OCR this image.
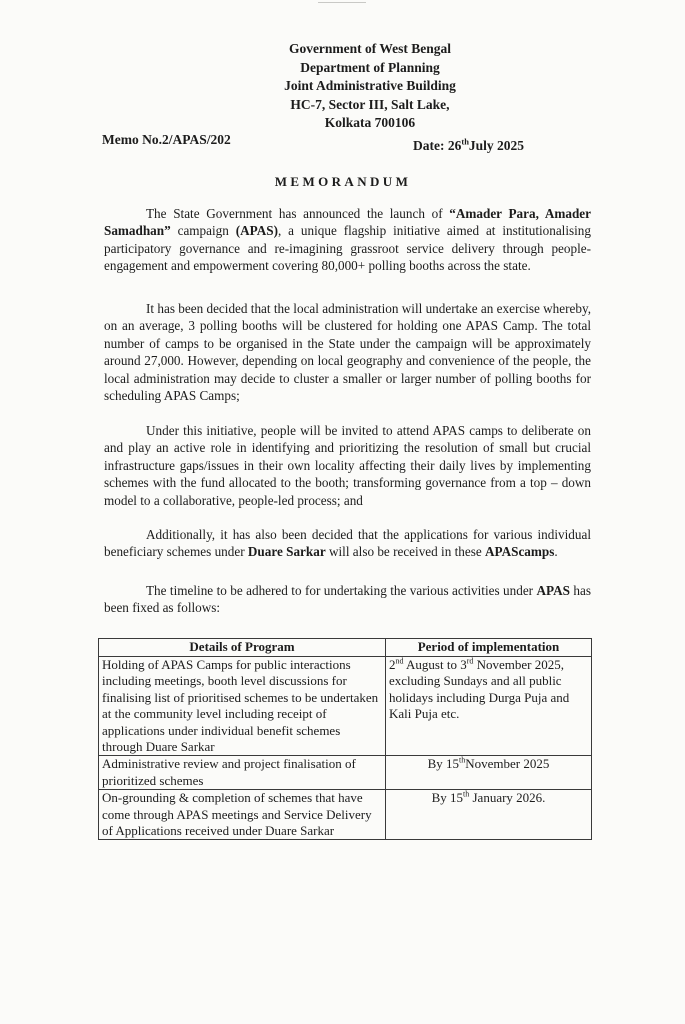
Government of West Bengal
Department of Planning
Joint Administrative Building
HC-7, Sector III, Salt Lake,
Kolkata 700106
Memo No.2/APAS/202	Date: 26thJuly 2025
MEMORANDUM
The State Government has announced the launch of “Amader Para, Amader Samadhan” campaign (APAS), a unique flagship initiative aimed at institutionalising participatory governance and re-imagining grassroot service delivery through people-engagement and empowerment covering 80,000+ polling booths across the state.
It has been decided that the local administration will undertake an exercise whereby, on an average, 3 polling booths will be clustered for holding one APAS Camp. The total number of camps to be organised in the State under the campaign will be approximately around 27,000. However, depending on local geography and convenience of the people, the local administration may decide to cluster a smaller or larger number of polling booths for scheduling APAS Camps;
Under this initiative, people will be invited to attend APAS camps to deliberate on and play an active role in identifying and prioritizing the resolution of small but crucial infrastructure gaps/issues in their own locality affecting their daily lives by implementing schemes with the fund allocated to the booth; transforming governance from a top – down model to a collaborative, people-led process; and
Additionally, it has also been decided that the applications for various individual beneficiary schemes under Duare Sarkar will also be received in these APAScamps.
The timeline to be adhered to for undertaking the various activities under APAS has been fixed as follows:
Details of Program	Period of implementation
Holding of APAS Camps for public interactions including meetings, booth level discussions for finalising list of prioritised schemes to be undertaken at the community level including receipt of applications under individual benefit schemes through Duare Sarkar	2nd August to 3rd November 2025, excluding Sundays and all public holidays including Durga Puja and Kali Puja etc.
Administrative review and project finalisation of prioritized schemes	By 15thNovember 2025
On-grounding & completion of schemes that have come through APAS meetings and Service Delivery of Applications received under Duare Sarkar	By 15th January 2026.
